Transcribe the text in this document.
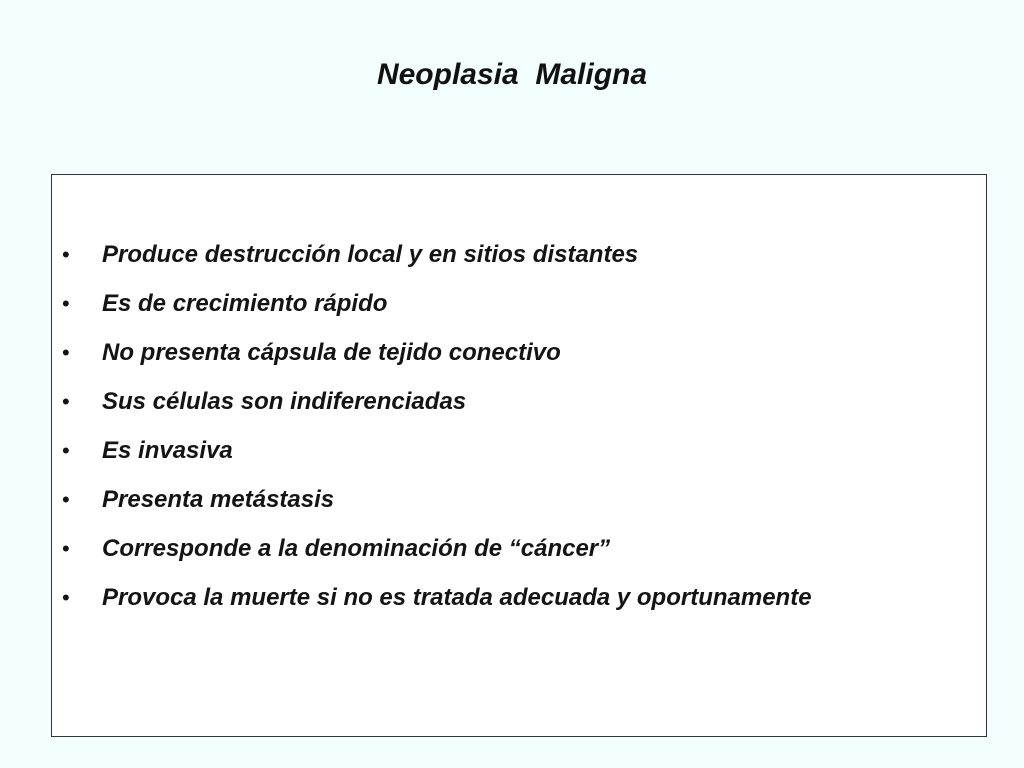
Neoplasia  Maligna
• Produce destrucción local y en sitios distantes
• Es de crecimiento rápido
• No presenta cápsula de tejido conectivo
• Sus células son indiferenciadas
• Es invasiva
• Presenta metástasis
• Corresponde a la denominación de “cáncer”
• Provoca la muerte si no es tratada adecuada y oportunamente
